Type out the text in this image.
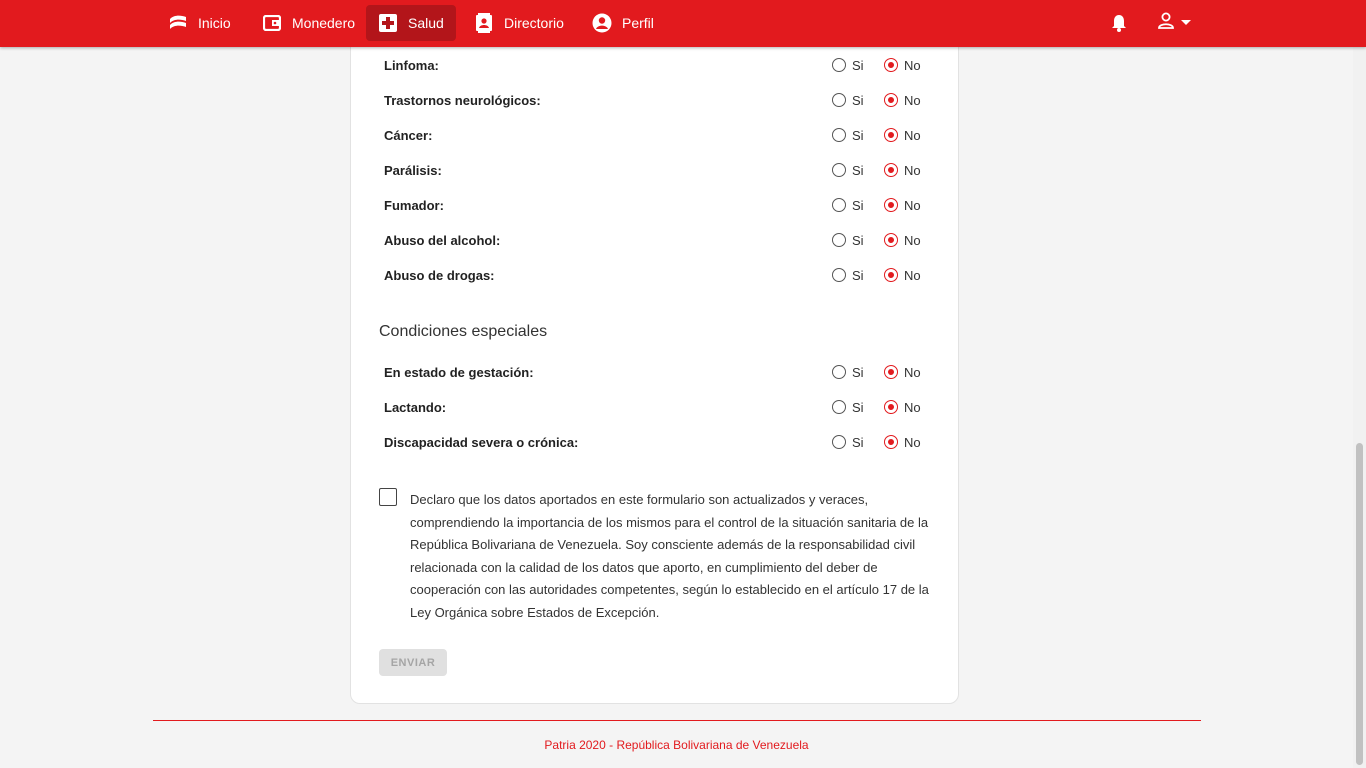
Inicio	Monedero	Salud	Directorio	Perfil
Linfoma:	Si	No
Trastornos neurológicos:	Si	No
Cáncer:	Si	No
Parálisis:	Si	No
Fumador:	Si	No
Abuso del alcohol:	Si	No
Abuso de drogas:	Si	No
Condiciones especiales
En estado de gestación:	Si	No
Lactando:	Si	No
Discapacidad severa o crónica:	Si	No

Declaro que los datos aportados en este formulario son actualizados y veraces, comprendiendo la importancia de los mismos para el control de la situación sanitaria de la República Bolivariana de Venezuela. Soy consciente además de la responsabilidad civil relacionada con la calidad de los datos que aporto, en cumplimiento del deber de cooperación con las autoridades competentes, según lo establecido en el artículo 17 de la Ley Orgánica sobre Estados de Excepción.

ENVIAR
Patria 2020 - República Bolivariana de Venezuela
